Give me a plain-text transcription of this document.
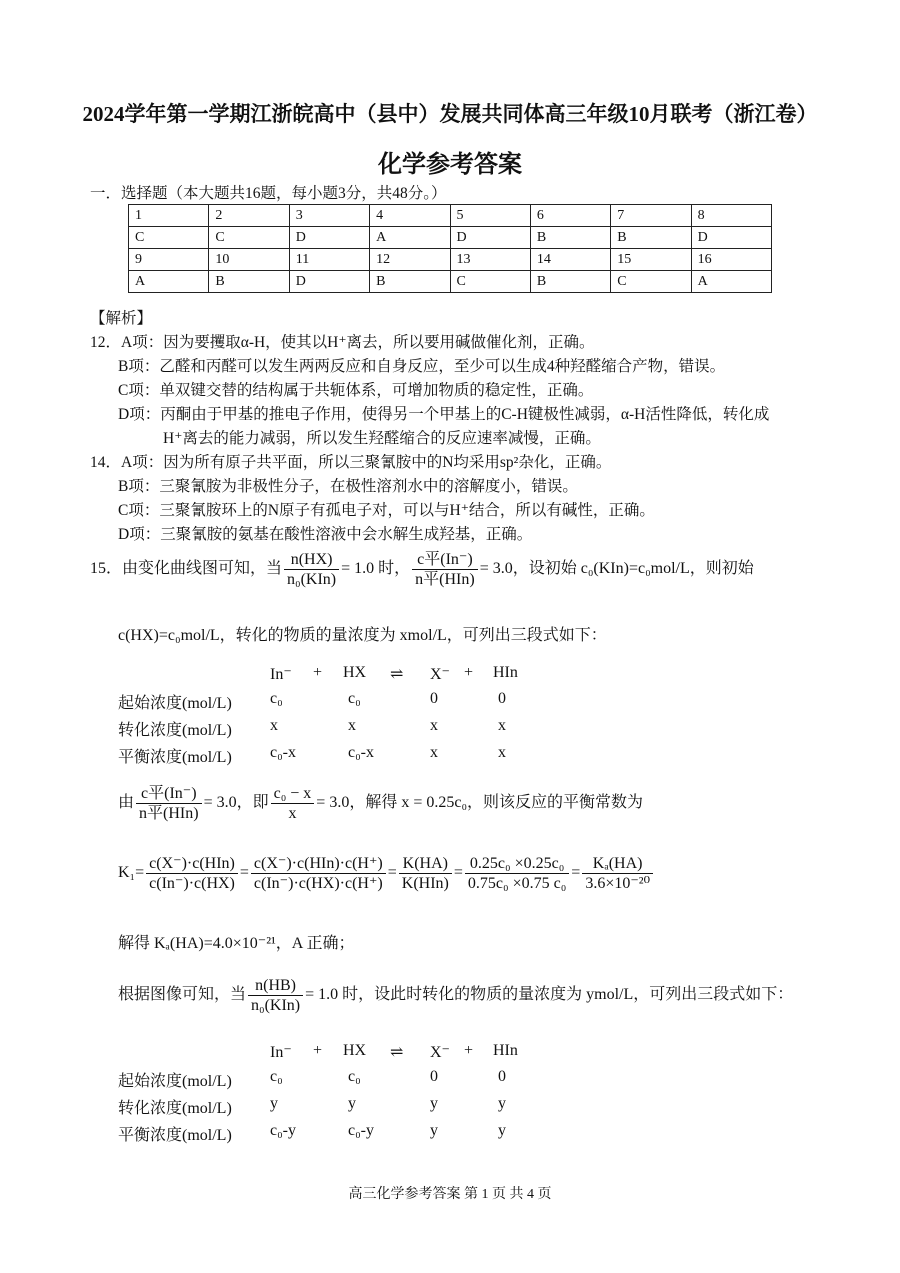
2024学年第一学期江浙皖高中（县中）发展共同体高三年级10月联考（浙江卷）
化学参考答案
一．选择题（本大题共16题，每小题3分，共48分。）
1	2	3	4	5	6	7	8
C	C	D	A	D	B	B	D
9	10	11	12	13	14	15	16
A	B	D	B	C	B	C	A
【解析】
12．A项：因为要攫取α-H，使其以H⁺离去，所以要用碱做催化剂，正确。
B项：乙醛和丙醛可以发生两两反应和自身反应，至少可以生成4种羟醛缩合产物，错误。
C项：单双键交替的结构属于共轭体系，可增加物质的稳定性，正确。
D项：丙酮由于甲基的推电子作用，使得另一个甲基上的C-H键极性减弱，α-H活性降低，转化成
H⁺离去的能力减弱，所以发生羟醛缩合的反应速率减慢，正确。
14．A项：因为所有原子共平面，所以三聚氰胺中的N均采用sp²杂化，正确。
B项：三聚氰胺为非极性分子，在极性溶剂水中的溶解度小，错误。
C项：三聚氰胺环上的N原子有孤电子对，可以与H⁺结合，所以有碱性，正确。
D项：三聚氰胺的氨基在酸性溶液中会水解生成羟基，正确。
15．由变化曲线图可知，当 $\frac{n(HX)}{\text{n₀(KIn)}} = 1.0$ 时， $\frac{\text{c平(In⁻)}}{\text{n平(HIn)}} = 3.0$，设初始 c₀(KIn)=c₀mol/L，则初始
c(HX)=c₀mol/L，转化的物质的量浓度为 xmol/L，可列出三段式如下：
In⁻ + HX ⇌ X⁻ + HIn
起始浓度(mol/L) c₀	c₀	0	0
转化浓度(mol/L) x	x	x	x
平衡浓度(mol/L) c₀-x	c₀-x	x	x
由 $\frac{\text{c平(In⁻)}}{\text{n平(HIn)}} = 3.0$，即 $\frac{\text{c₀ − x}}{x} = 3.0$，解得 x = 0.25c₀，则该反应的平衡常数为
$K_1= \frac{\text{c(X⁻)·c(HIn)}}{c(In^-)\cdot c(HX)} = \frac{\text{c(X⁻)·c(HIn)·c(H⁺)}}{c(In^-)\cdot c(HX)\cdot c(H^+)} = \frac{K(HA)}{\text{K(HIn)}} = \frac{\text{0.25c₀ ×0.25c₀}}{\text{0.75c₀ ×0.75 c₀}} = \frac{\text{Kₐ(HA)}}{\text{3.6×10⁻²⁰}}$
解得 Kₐ(HA)=4.0×10⁻²¹，A 正确；
根据图像可知，当 $\frac{n(HB)}{\text{n₀(KIn)}} = 1.0$ 时，设此时转化的物质的量浓度为 ymol/L，可列出三段式如下：
In⁻ + HX ⇌ X⁻ + HIn
起始浓度(mol/L) c₀	c₀	0	0
转化浓度(mol/L) y	y	y	y
平衡浓度(mol/L) c₀-y	c₀-y	y	y
高三化学参考答案 第 1 页 共 4 页
